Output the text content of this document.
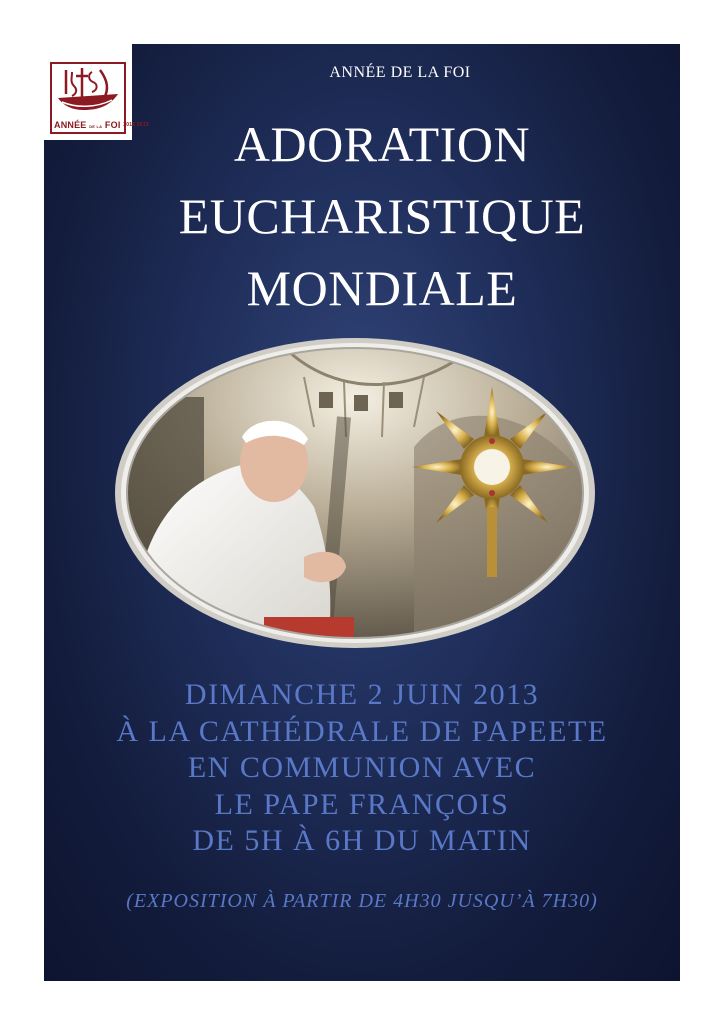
ANNÉE DE LA FOI 2012 2013
ANNÉE DE LA FOI
ADORATION
EUCHARISTIQUE
MONDIALE
DIMANCHE 2 JUIN 2013
À LA CATHÉDRALE DE PAPEETE
EN COMMUNION AVEC
LE PAPE FRANÇOIS
DE 5H À 6H DU MATIN
(EXPOSITION À PARTIR DE 4H30 JUSQU’À 7H30)
